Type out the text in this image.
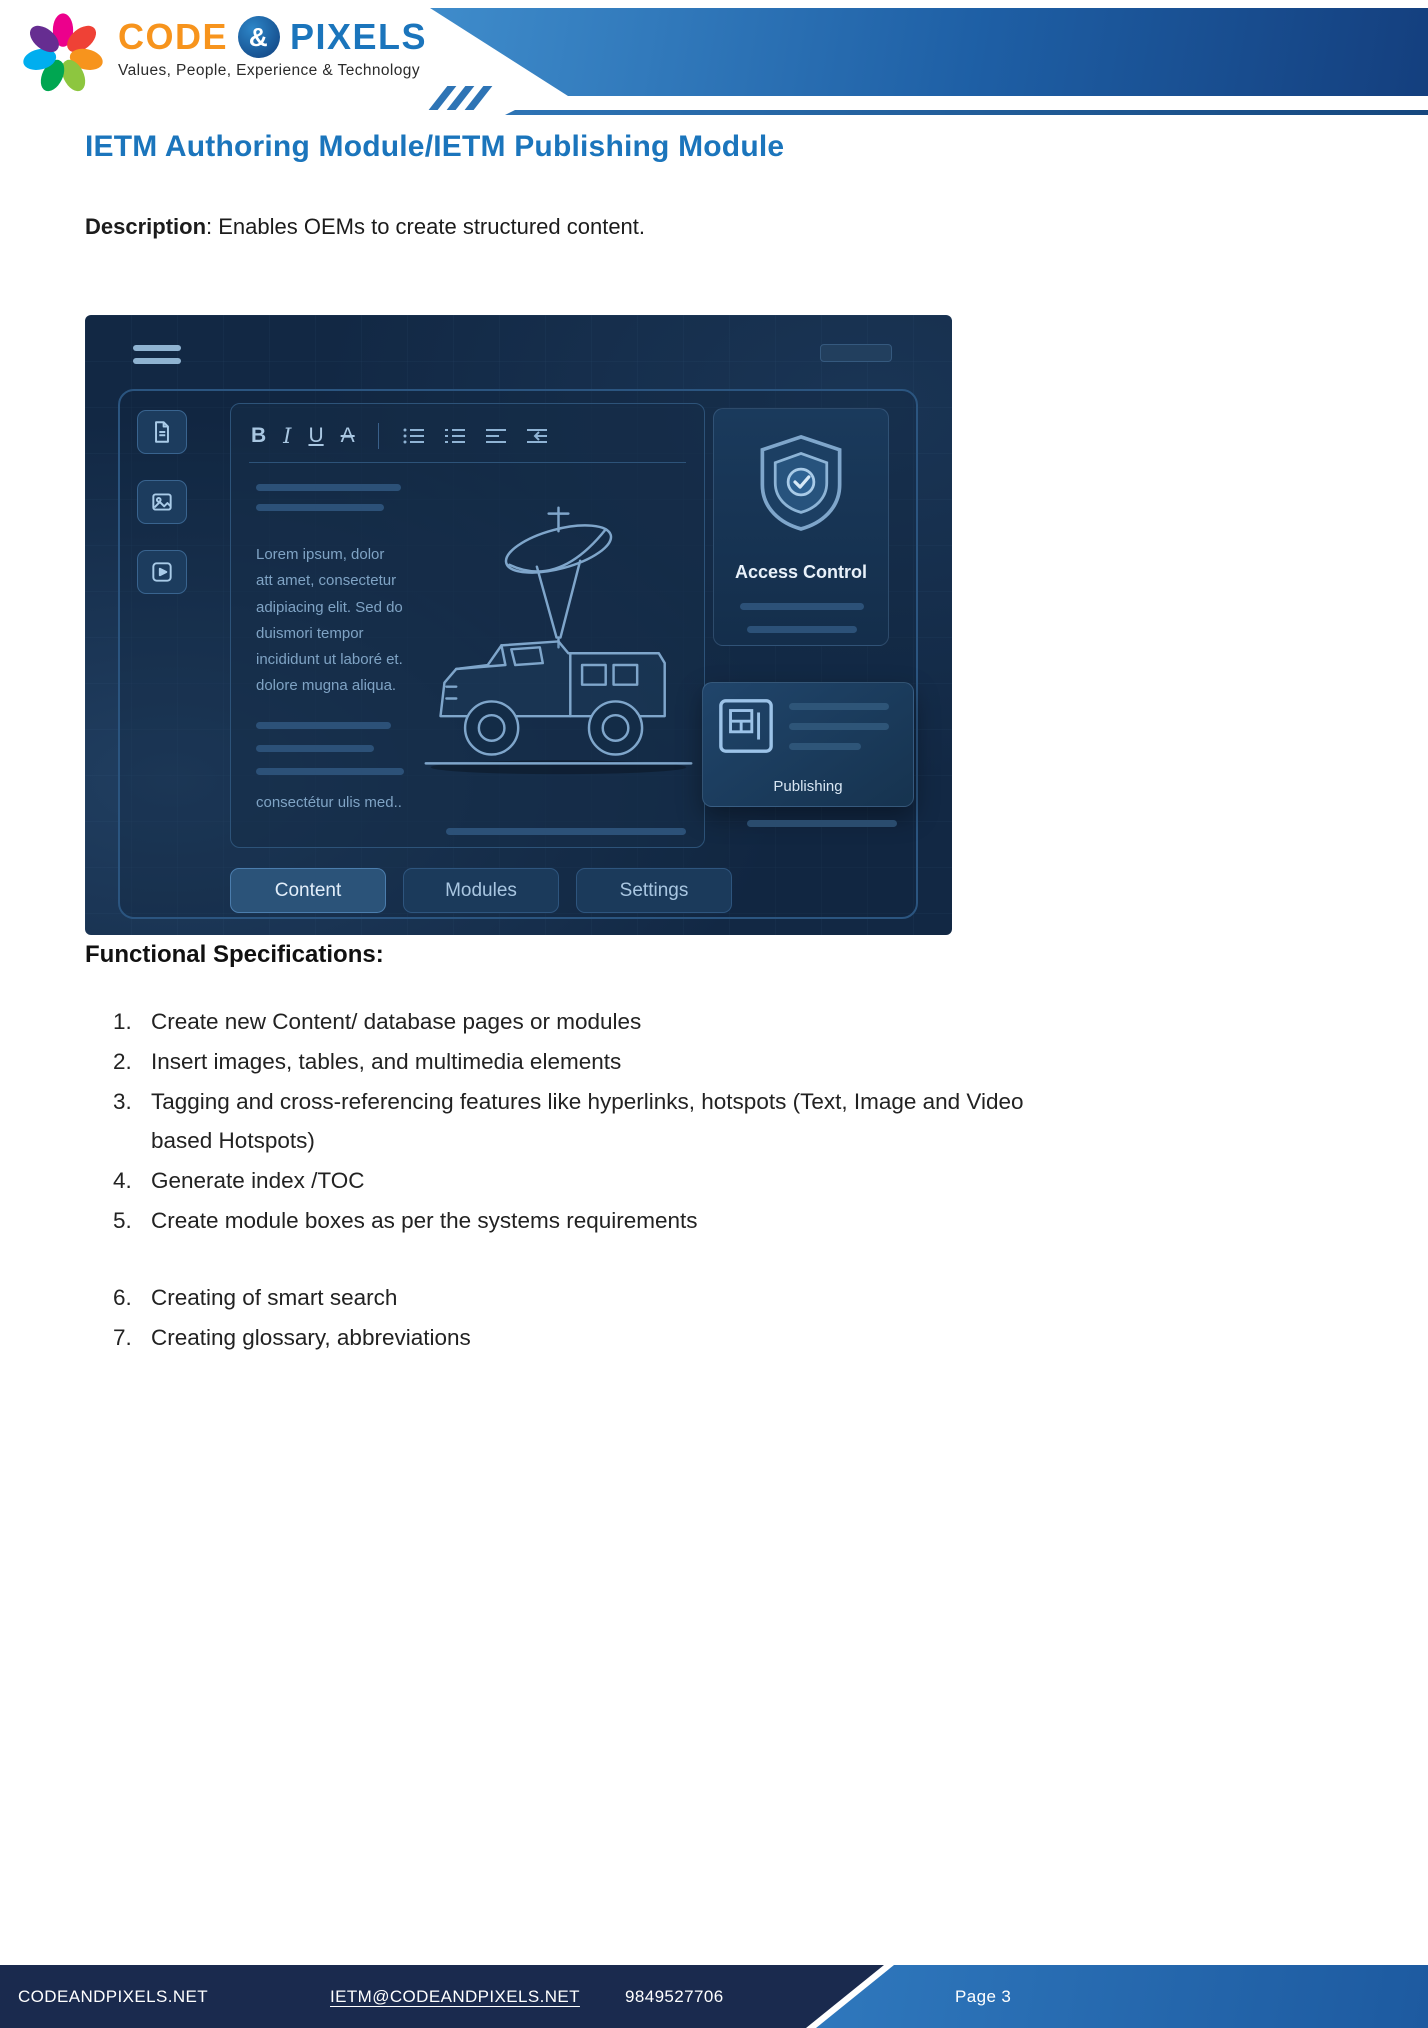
CODE & PIXELS
Values, People, Experience & Technology
IETM Authoring Module/IETM Publishing Module

Description: Enables OEMs to create structured content.

B I U A
Lorem ipsum, dolor
att amet, consectetur
adipiacing elit. Sed do
duismori tempor
incididunt ut laboré et.
dolore mugna aliqua.
consectétur ulis med..
Access Control
Publishing
Content	Modules	Settings
Functional Specifications:
1. Create new Content/ database pages or modules
2. Insert images, tables, and multimedia elements
3. Tagging and cross-referencing features like hyperlinks, hotspots (Text, Image and Video based Hotspots)
4. Generate index /TOC
5. Create module boxes as per the systems requirements
6. Creating of smart search
7. Creating glossary, abbreviations
CODEANDPIXELS.NET	IETM@CODEANDPIXELS.NET	9849527706	Page 3
